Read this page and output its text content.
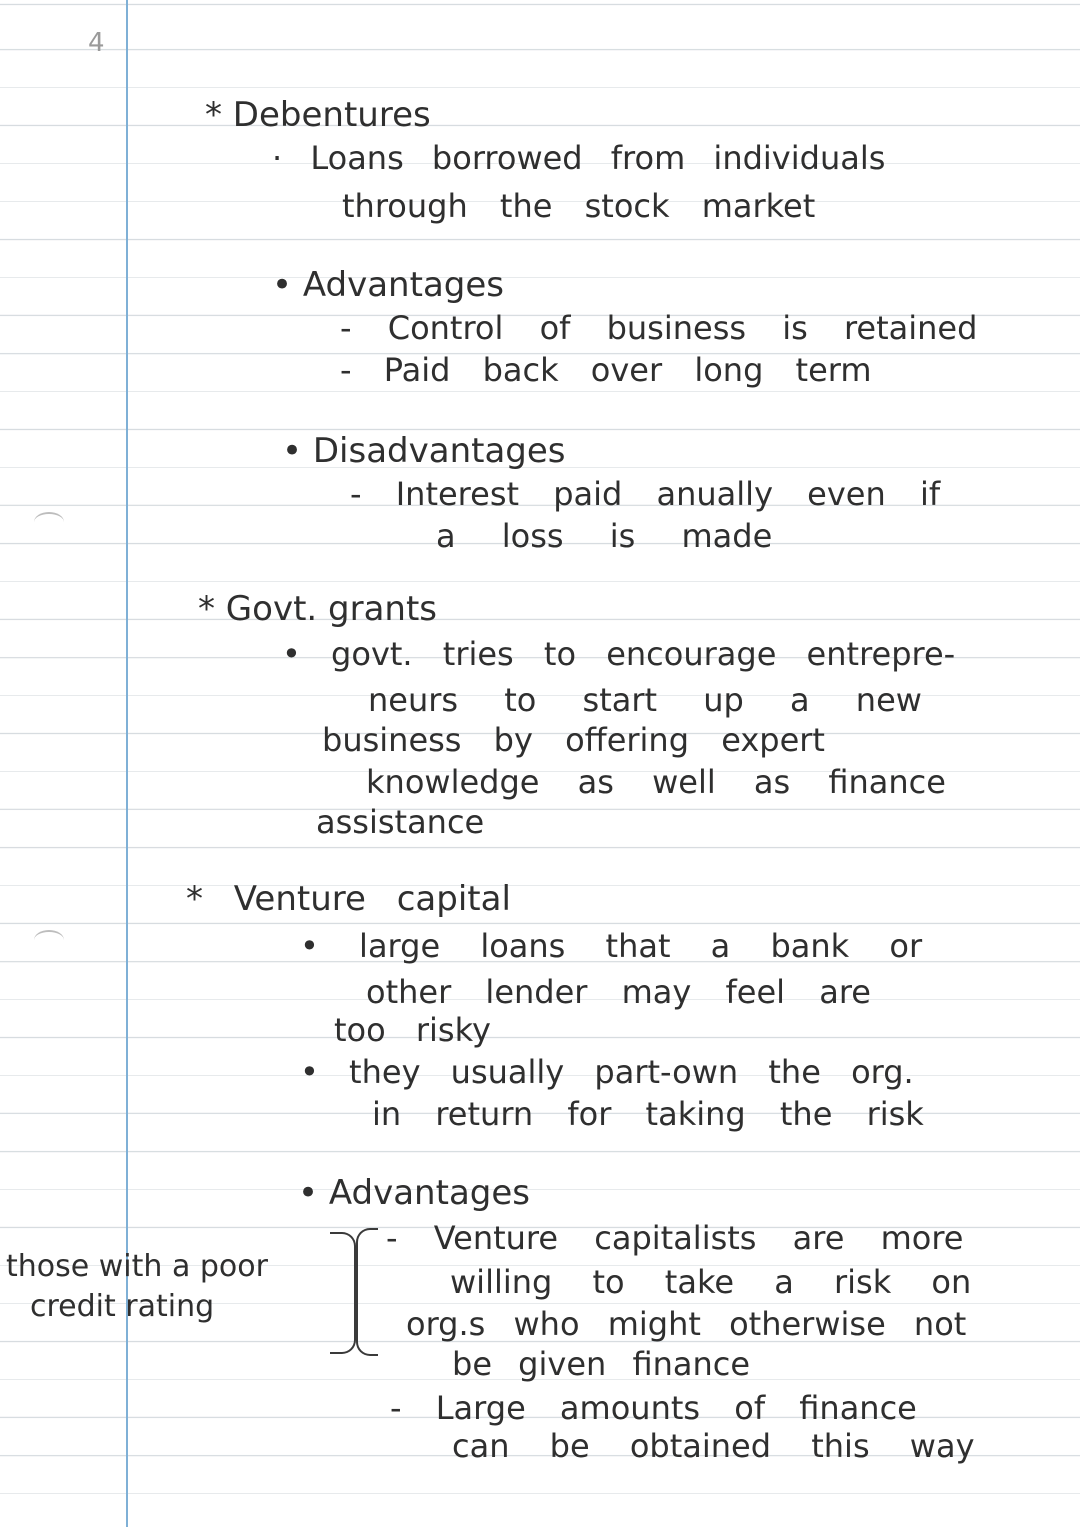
4
* Debentures
· Loans borrowed from individuals
through the stock market
• Advantages
- Control of business is retained
- Paid back over long term
• Disadvantages
- Interest paid anually even if
a loss is made
* Govt. grants
• govt. tries to encourage entrepre-
neurs to start up a new
business by offering expert
knowledge as well as finance
assistance
* Venture capital
• large loans that a bank or
other lender may feel are
too risky
• they usually part-own the org.
in return for taking the risk
• Advantages
- Venture capitalists are more
willing to take a risk on
org.s who might otherwise not
be given finance
- Large amounts of finance
can be obtained this way
those with a poor
credit rating
